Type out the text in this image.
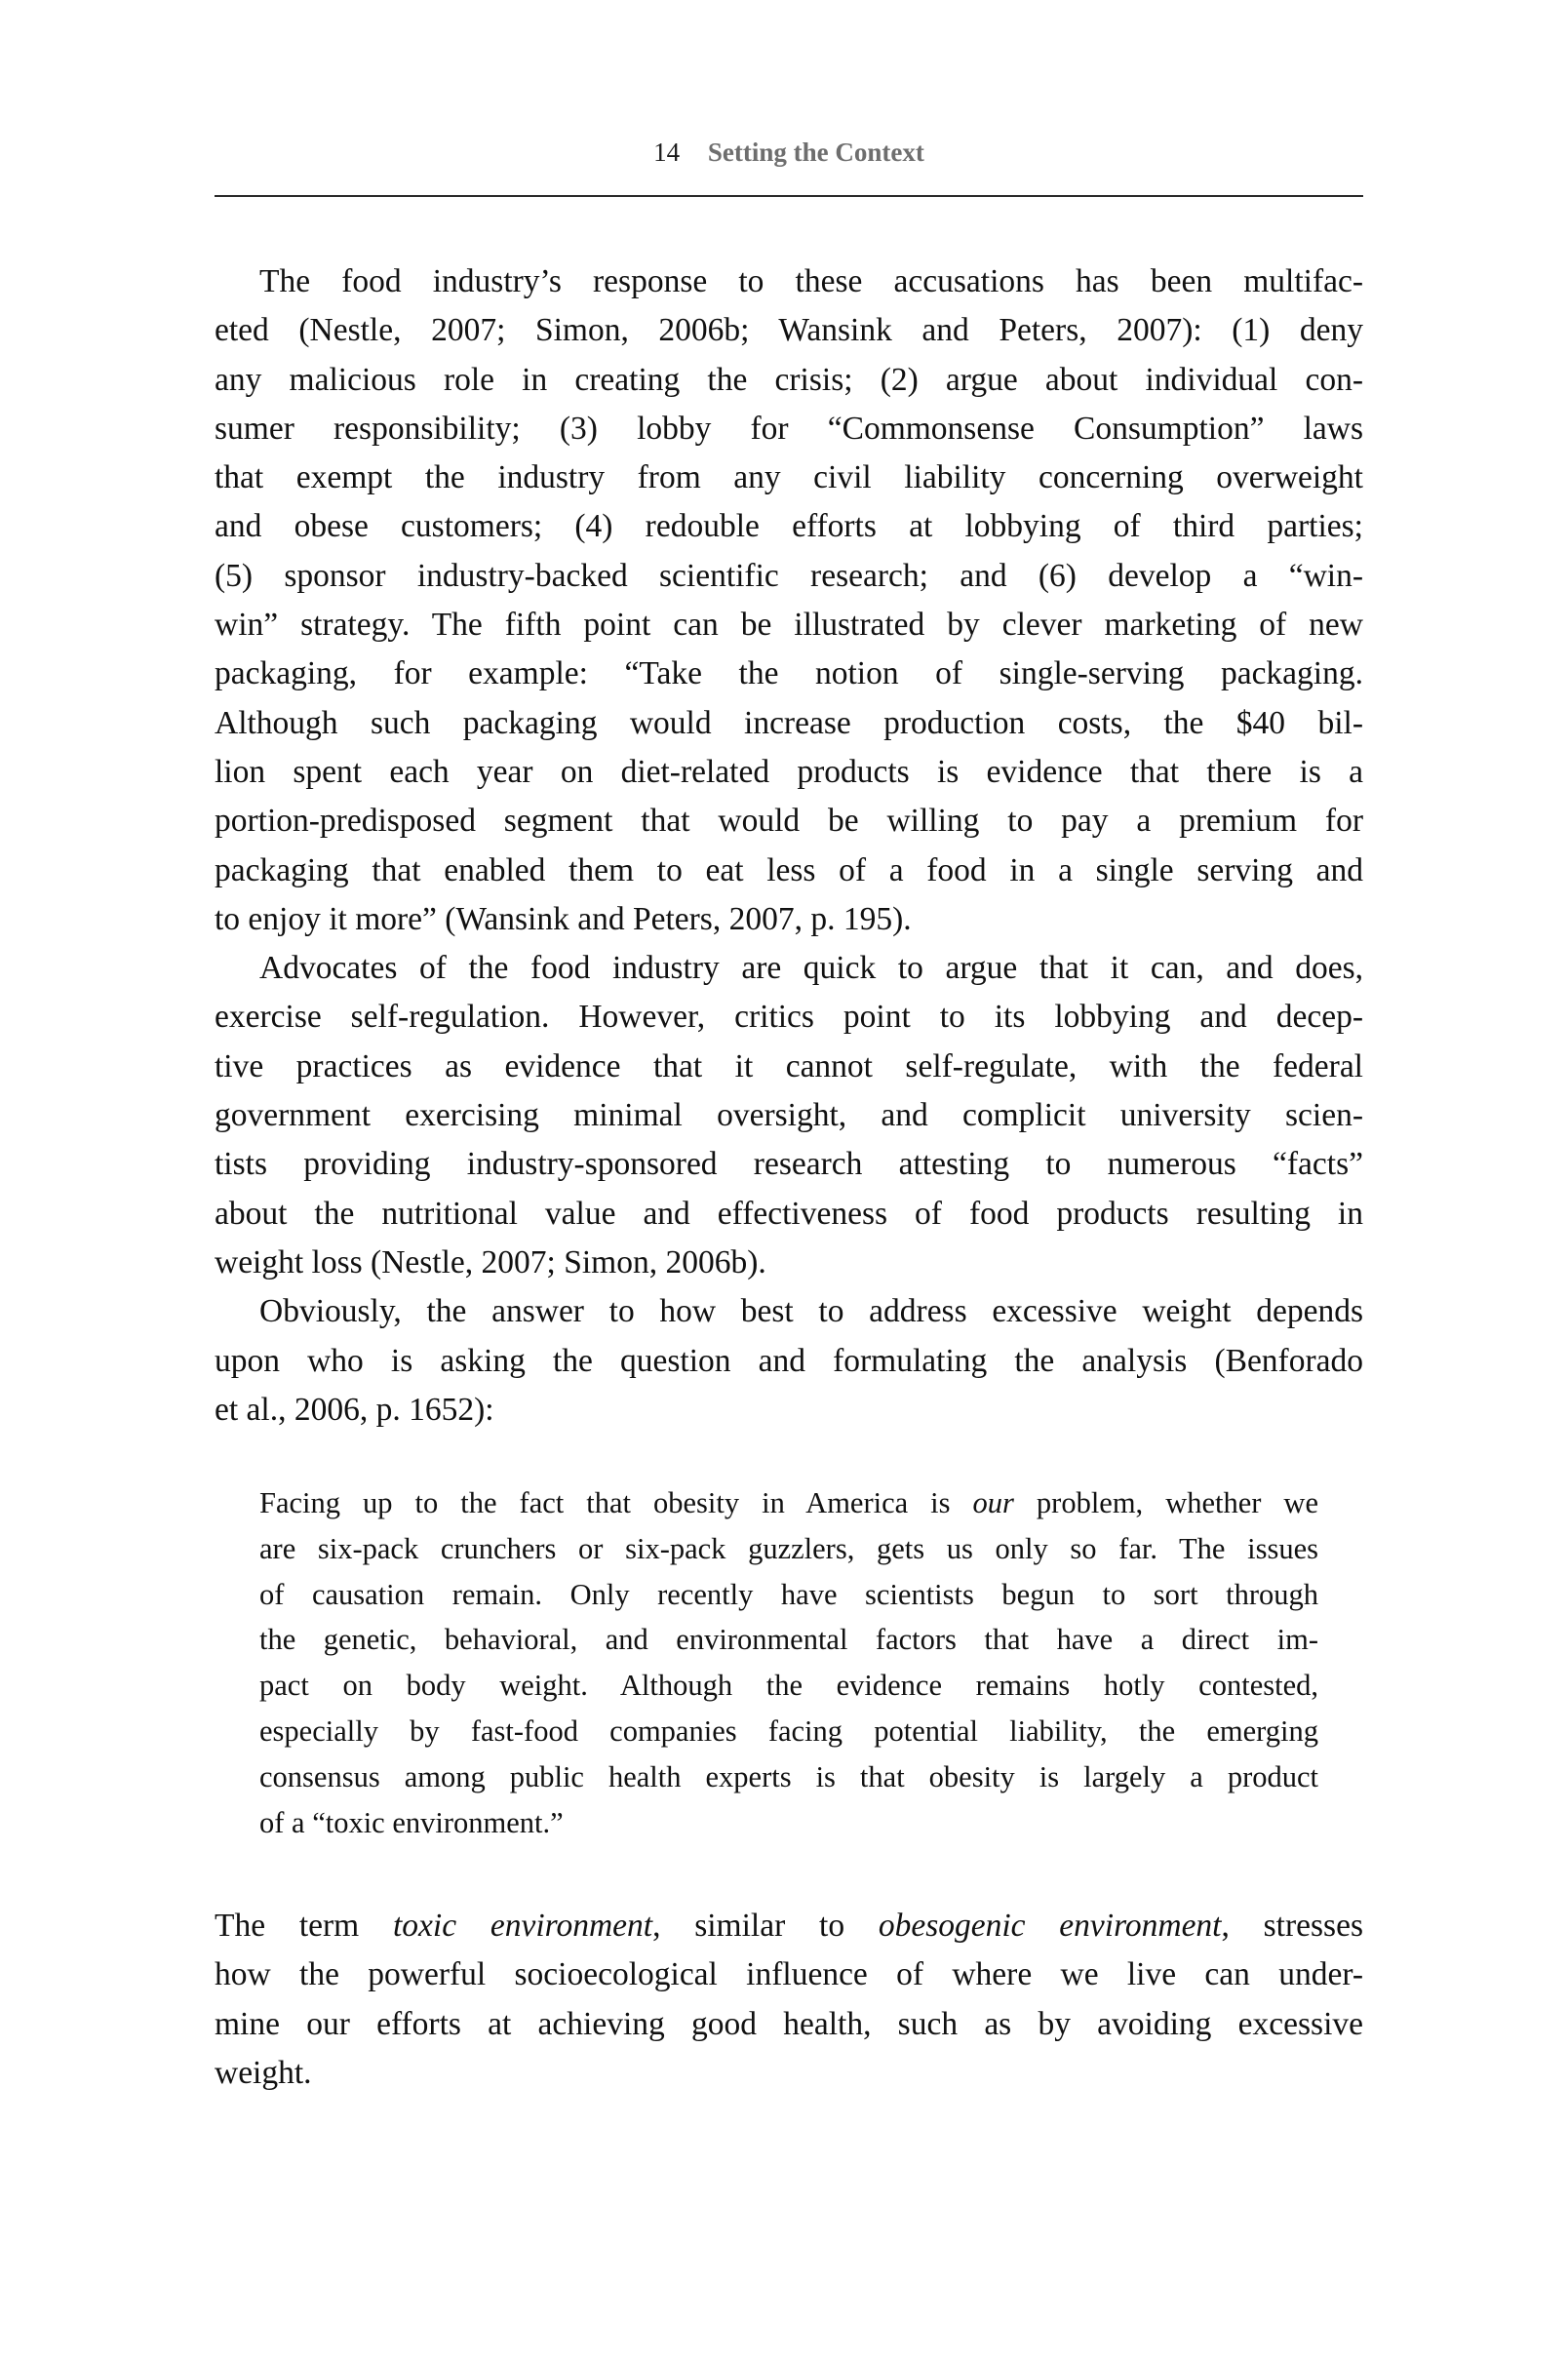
14 Setting the Context

The food industry’s response to these accusations has been multifac-
eted (Nestle, 2007; Simon, 2006b; Wansink and Peters, 2007): (1) deny
any malicious role in creating the crisis; (2) argue about individual con-
sumer responsibility; (3) lobby for “Commonsense Consumption” laws
that exempt the industry from any civil liability concerning overweight
and obese customers; (4) redouble efforts at lobbying of third parties;
(5) sponsor industry-backed scientific research; and (6) develop a “win-
win” strategy. The fifth point can be illustrated by clever marketing of new
packaging, for example: “Take the notion of single-serving packaging.
Although such packaging would increase production costs, the $40 bil-
lion spent each year on diet-related products is evidence that there is a
portion-predisposed segment that would be willing to pay a premium for
packaging that enabled them to eat less of a food in a single serving and
to enjoy it more” (Wansink and Peters, 2007, p. 195).

Advocates of the food industry are quick to argue that it can, and does,
exercise self-regulation. However, critics point to its lobbying and decep-
tive practices as evidence that it cannot self-regulate, with the federal
government exercising minimal oversight, and complicit university scien-
tists providing industry-sponsored research attesting to numerous “facts”
about the nutritional value and effectiveness of food products resulting in
weight loss (Nestle, 2007; Simon, 2006b).

Obviously, the answer to how best to address excessive weight depends
upon who is asking the question and formulating the analysis (Benforado
et al., 2006, p. 1652):

Facing up to the fact that obesity in America is our problem, whether we
are six-pack crunchers or six-pack guzzlers, gets us only so far. The issues
of causation remain. Only recently have scientists begun to sort through
the genetic, behavioral, and environmental factors that have a direct im-
pact on body weight. Although the evidence remains hotly contested,
especially by fast-food companies facing potential liability, the emerging
consensus among public health experts is that obesity is largely a product
of a “toxic environment.”

The term toxic environment, similar to obesogenic environment, stresses
how the powerful socioecological influence of where we live can under-
mine our efforts at achieving good health, such as by avoiding excessive
weight.
